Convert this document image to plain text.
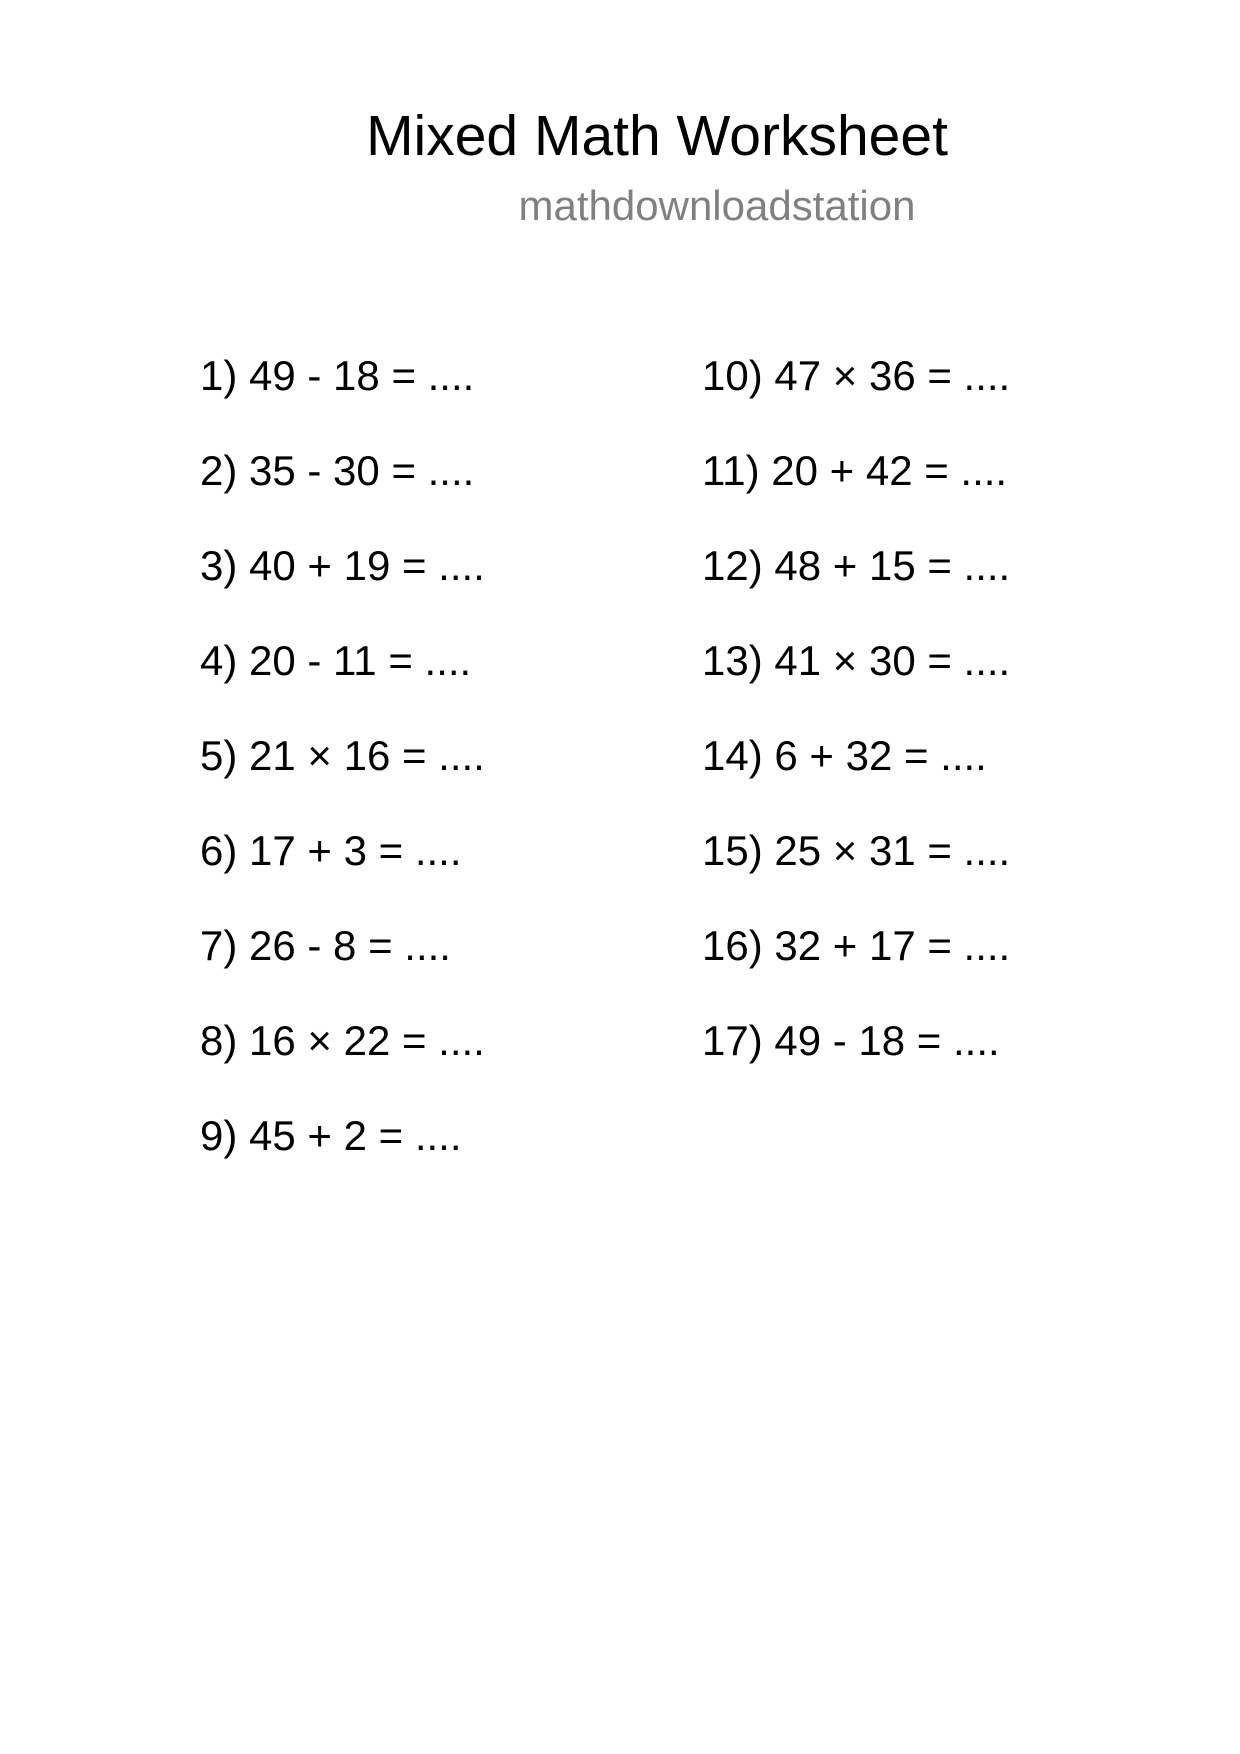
Mixed Math Worksheet
mathdownloadstation
1) 49 - 18 = ....
2) 35 - 30 = ....
3) 40 + 19 = ....
4) 20 - 11 = ....
5) 21 × 16 = ....
6) 17 + 3 = ....
7) 26 - 8 = ....
8) 16 × 22 = ....
9) 45 + 2 = ....
10) 47 × 36 = ....
11) 20 + 42 = ....
12) 48 + 15 = ....
13) 41 × 30 = ....
14) 6 + 32 = ....
15) 25 × 31 = ....
16) 32 + 17 = ....
17) 49 - 18 = ....
